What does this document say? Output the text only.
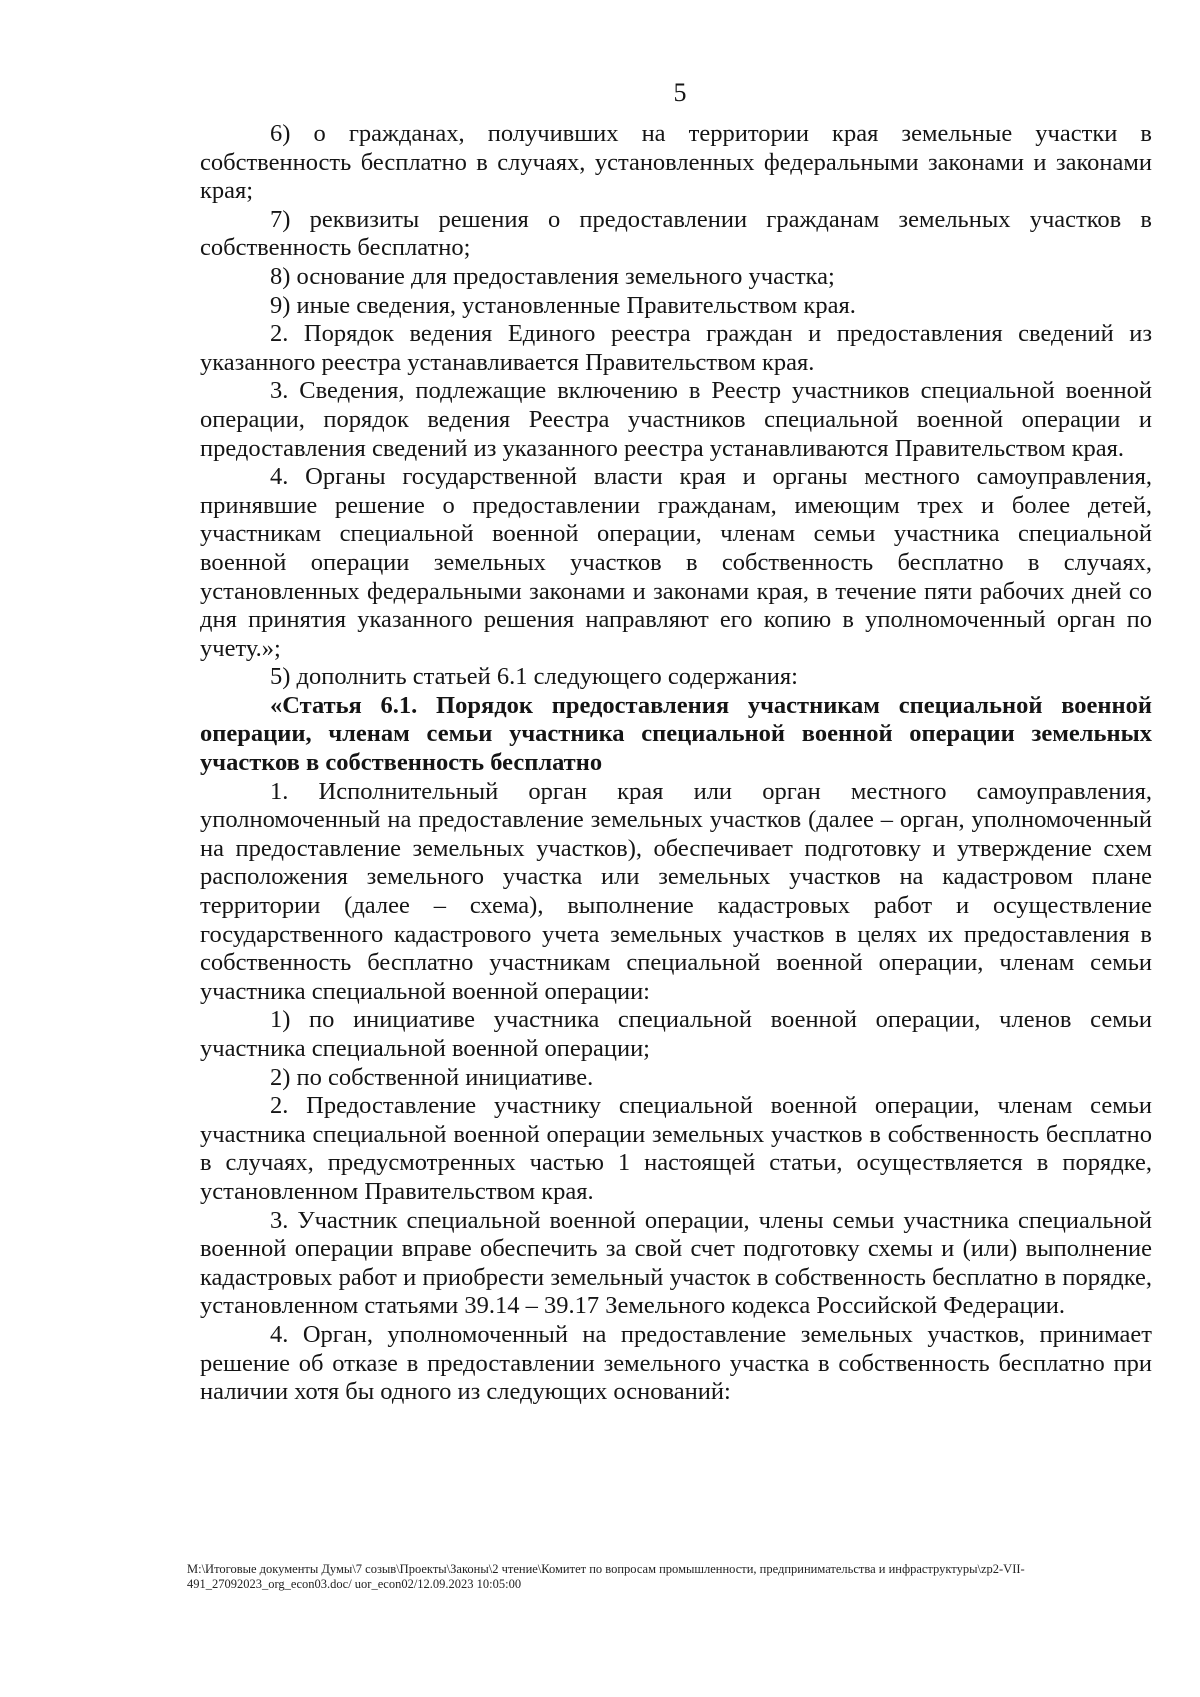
5

6) о гражданах, получивших на территории края земельные участки в собственность бесплатно в случаях, установленных федеральными законами и законами края;

7) реквизиты решения о предоставлении гражданам земельных участков в собственность бесплатно;

8) основание для предоставления земельного участка;

9) иные сведения, установленные Правительством края.

2. Порядок ведения Единого реестра граждан и предоставления сведений из указанного реестра устанавливается Правительством края.

3. Сведения, подлежащие включению в Реестр участников специальной военной операции, порядок ведения Реестра участников специальной военной операции и предоставления сведений из указанного реестра устанавливаются Правительством края.

4. Органы государственной власти края и органы местного самоуправления, принявшие решение о предоставлении гражданам, имеющим трех и более детей, участникам специальной военной операции, членам семьи участника специальной военной операции земельных участков в собственность бесплатно в случаях, установленных федеральными законами и законами края, в течение пяти рабочих дней со дня принятия указанного решения направляют его копию в уполномоченный орган по учету.»;

5) дополнить статьей 6.1 следующего содержания:

«Статья 6.1. Порядок предоставления участникам специальной военной операции, членам семьи участника специальной военной операции земельных участков в собственность бесплатно

1. Исполнительный орган края или орган местного самоуправления, уполномоченный на предоставление земельных участков (далее – орган, уполномоченный на предоставление земельных участков), обеспечивает подготовку и утверждение схем расположения земельного участка или земельных участков на кадастровом плане территории (далее – схема), выполнение кадастровых работ и осуществление государственного кадастрового учета земельных участков в целях их предоставления в собственность бесплатно участникам специальной военной операции, членам семьи участника специальной военной операции:

1) по инициативе участника специальной военной операции, членов семьи участника специальной военной операции;

2) по собственной инициативе.

2. Предоставление участнику специальной военной операции, членам семьи участника специальной военной операции земельных участков в собственность бесплатно в случаях, предусмотренных частью 1 настоящей статьи, осуществляется в порядке, установленном Правительством края.

3. Участник специальной военной операции, члены семьи участника специальной военной операции вправе обеспечить за свой счет подготовку схемы и (или) выполнение кадастровых работ и приобрести земельный участок в собственность бесплатно в порядке, установленном статьями 39.14 – 39.17 Земельного кодекса Российской Федерации.

4. Орган, уполномоченный на предоставление земельных участков, принимает решение об отказе в предоставлении земельного участка в собственность бесплатно при наличии хотя бы одного из следующих оснований:

M:\Итоговые документы Думы\7 созыв\Проекты\Законы\2 чтение\Комитет по вопросам промышленности, предпринимательства и инфраструктуры\zp2-VII-491_27092023_org_econ03.doc/ uor_econ02/12.09.2023 10:05:00
